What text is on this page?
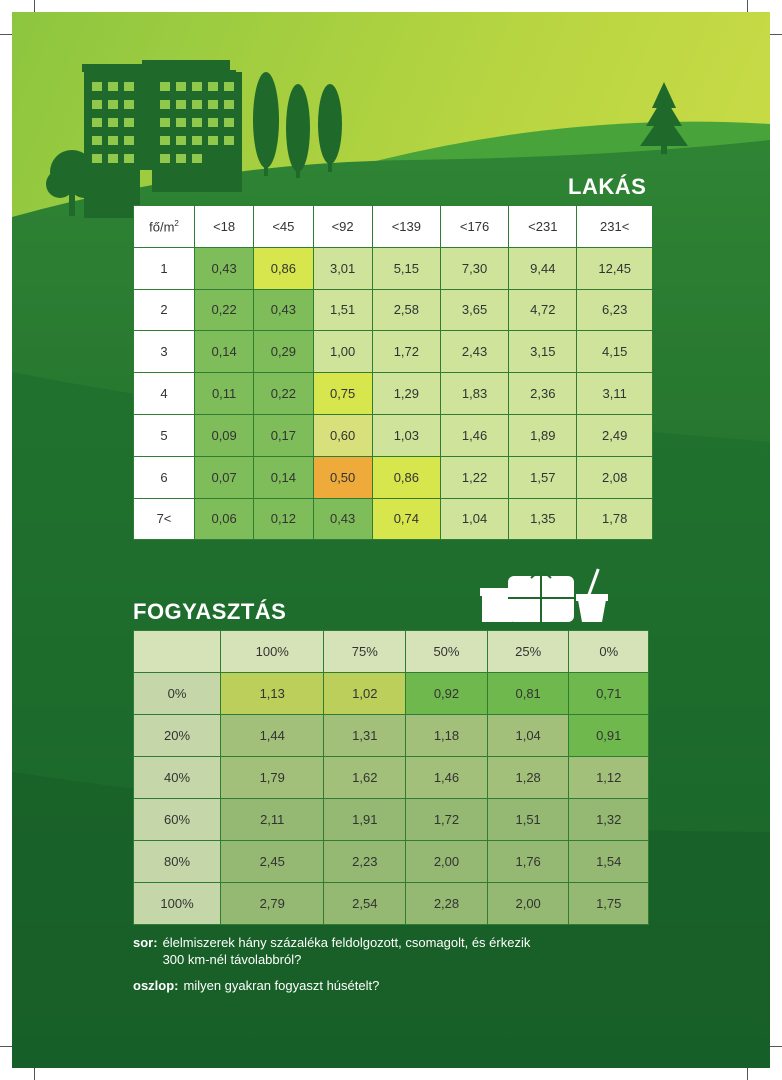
LAKÁS
$fő/m^2$	<18	<45	<92	<139	<176	<231	231<
1	0,43	0,86	3,01	5,15	7,30	9,44	12,45
2	0,22	0,43	1,51	2,58	3,65	4,72	6,23
3	0,14	0,29	1,00	1,72	2,43	3,15	4,15
4	0,11	0,22	0,75	1,29	1,83	2,36	3,11
5	0,09	0,17	0,60	1,03	1,46	1,89	2,49
6	0,07	0,14	0,50	0,86	1,22	1,57	2,08
7<	0,06	0,12	0,43	0,74	1,04	1,35	1,78
FOGYASZTÁS
	100%	75%	50%	25%	0%
0%	1,13	1,02	0,92	0,81	0,71
20%	1,44	1,31	1,18	1,04	0,91
40%	1,79	1,62	1,46	1,28	1,12
60%	2,11	1,91	1,72	1,51	1,32
80%	2,45	2,23	2,00	1,76	1,54
100%	2,79	2,54	2,28	2,00	1,75
sor: élelmiszerek hány százaléka feldolgozott, csomagolt, és érkezik
300 km-nél távolabbról?
oszlop: milyen gyakran fogyaszt húsételt?
